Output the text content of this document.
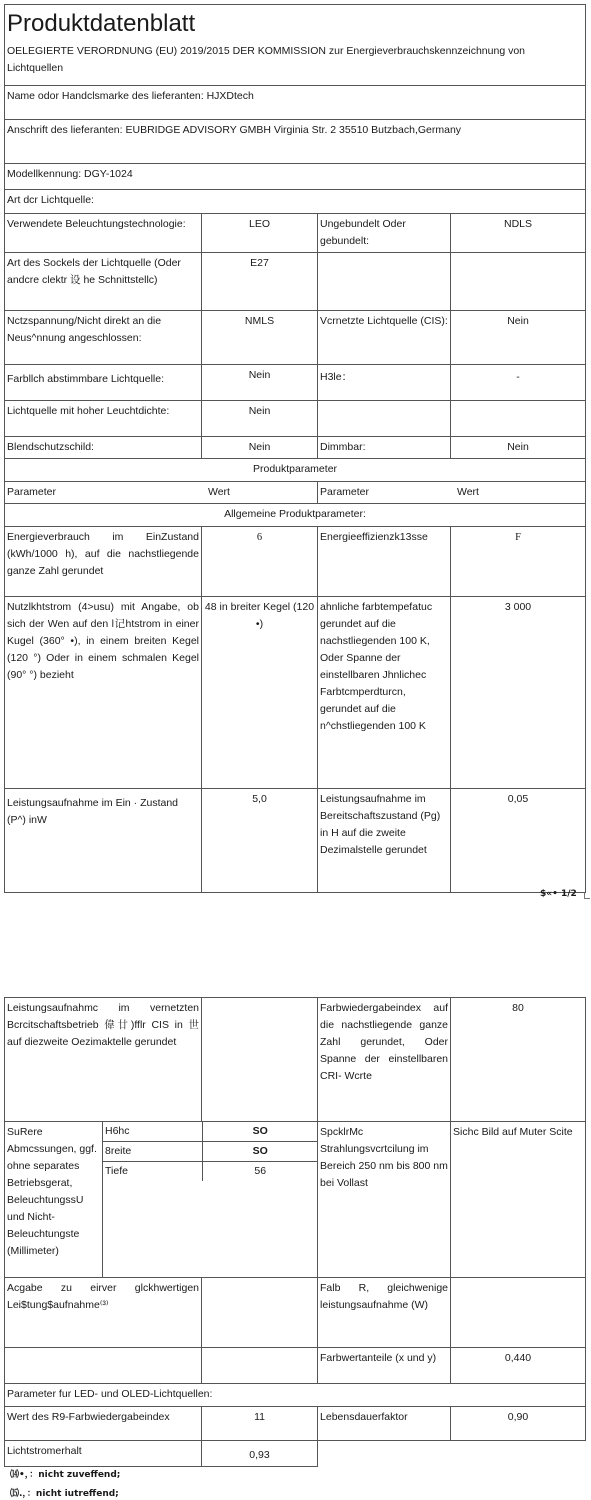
Produktdatenblatt			

OELEGIERTE VERORDNUNG (EU) 2019/2015 DER KOMMISSION zur Energieverbrauchskennzeichnung von Lichtquellen			
Name odor Handclsmarke des lieferanten: HJXDtech			
Anschrift des lieferanten: EUBRIDGE ADVISORY GMBH Virginia Str. 2 35510 Butzbach,Germany			
Modellkennung: DGY-1024			
Art dcr Lichtquelle:			
Verwendete Beleuchtungstechnologie:	LEO	Ungebundelt Oder gebundelt:	NDLS
Art des Sockels der Lichtquelle (Oder andcre clektr 设 he Schnittstellc)	E27		
Nctzspannung/Nicht direkt an die Neus^nnung angeschlossen:	NMLS	Vcrnetzte Lichtquelle (CIS):	Nein
Farbllch abstimmbare Lichtquelle:	Nein	H3le：	-
Lichtquelle mit hoher Leuchtdichte:	Nein		
Blendschutzschild:	Nein	Dimmbar:	Nein
Produktparameter			

Parameter Wert		Parameter Wert	

Allgemeine Produktparameter:			
Energieverbrauch im EinZustand (kWh/1000 h), auf die nachstliegende ganze Zahl gerundet	6	Energieeffizienzk13sse	F
Nutzlkhtstrom (4>usu) mit Angabe, ob sich der Wen auf den l记htstrom in einer Kugel (360° •), in einem breiten Kegel (120 °) Oder in einem schmalen Kegel (90° °) bezieht	48 in breiter Kegel (120 •)	ahnliche farbtempefatuc gerundet auf die nachstliegenden 100 K, Oder Spanne der einstellbaren Jhnlichec Farbtcmperdturcn, gerundet auf die n^chstliegenden 100 K	3 000
Leistungsaufnahme im Ein · Zustand (P^) inW	5,0	Leistungsaufnahme im Bereitschaftszustand (Pg) in H auf die zweite Dezimalstelle gerundet	0,05
$«• 1/2
Leistungsaufnahmc im vernetzten Bcrcitschaftsbetrieb 偉廿)fflr CIS in 世 auf diezweite Oezimaktelle gerundet		Farbwiedergabeindex auf die nachstliegende ganze Zahl gerundet, Oder Spanne der einstellbaren CRI- Wcrte	80
SuRere Abmcssungen, ggf. ohne separates Betriebsgerat, BeleuchtungssU und Nicht-Beleuchtungste (Millimeter)	
H6hc	SO
8reite	SO
Tiefe	56
	SpcklrMc Strahlungsvcrtcilung im Bereich 250 nm bis 800 nm bei Vollast	Sichc Bild auf Muter Scite
Acgabe zu eirver glckhwertigen Lei$tung$aufnahme⁽³⁾		Falb R, gleichwenige leistungsaufnahme (W)	
		Farbwertanteile (x und y)	0,440
Parameter fur LED- und OLED-Lichtquellen:
Wert des R9-Farbwiedergabeindex	11	Lebensdauerfaktor	0,90
Lichtstromerhalt	0,93	
⒁•，：nicht zuveffend;
⒂.，：nicht iutreffend;
